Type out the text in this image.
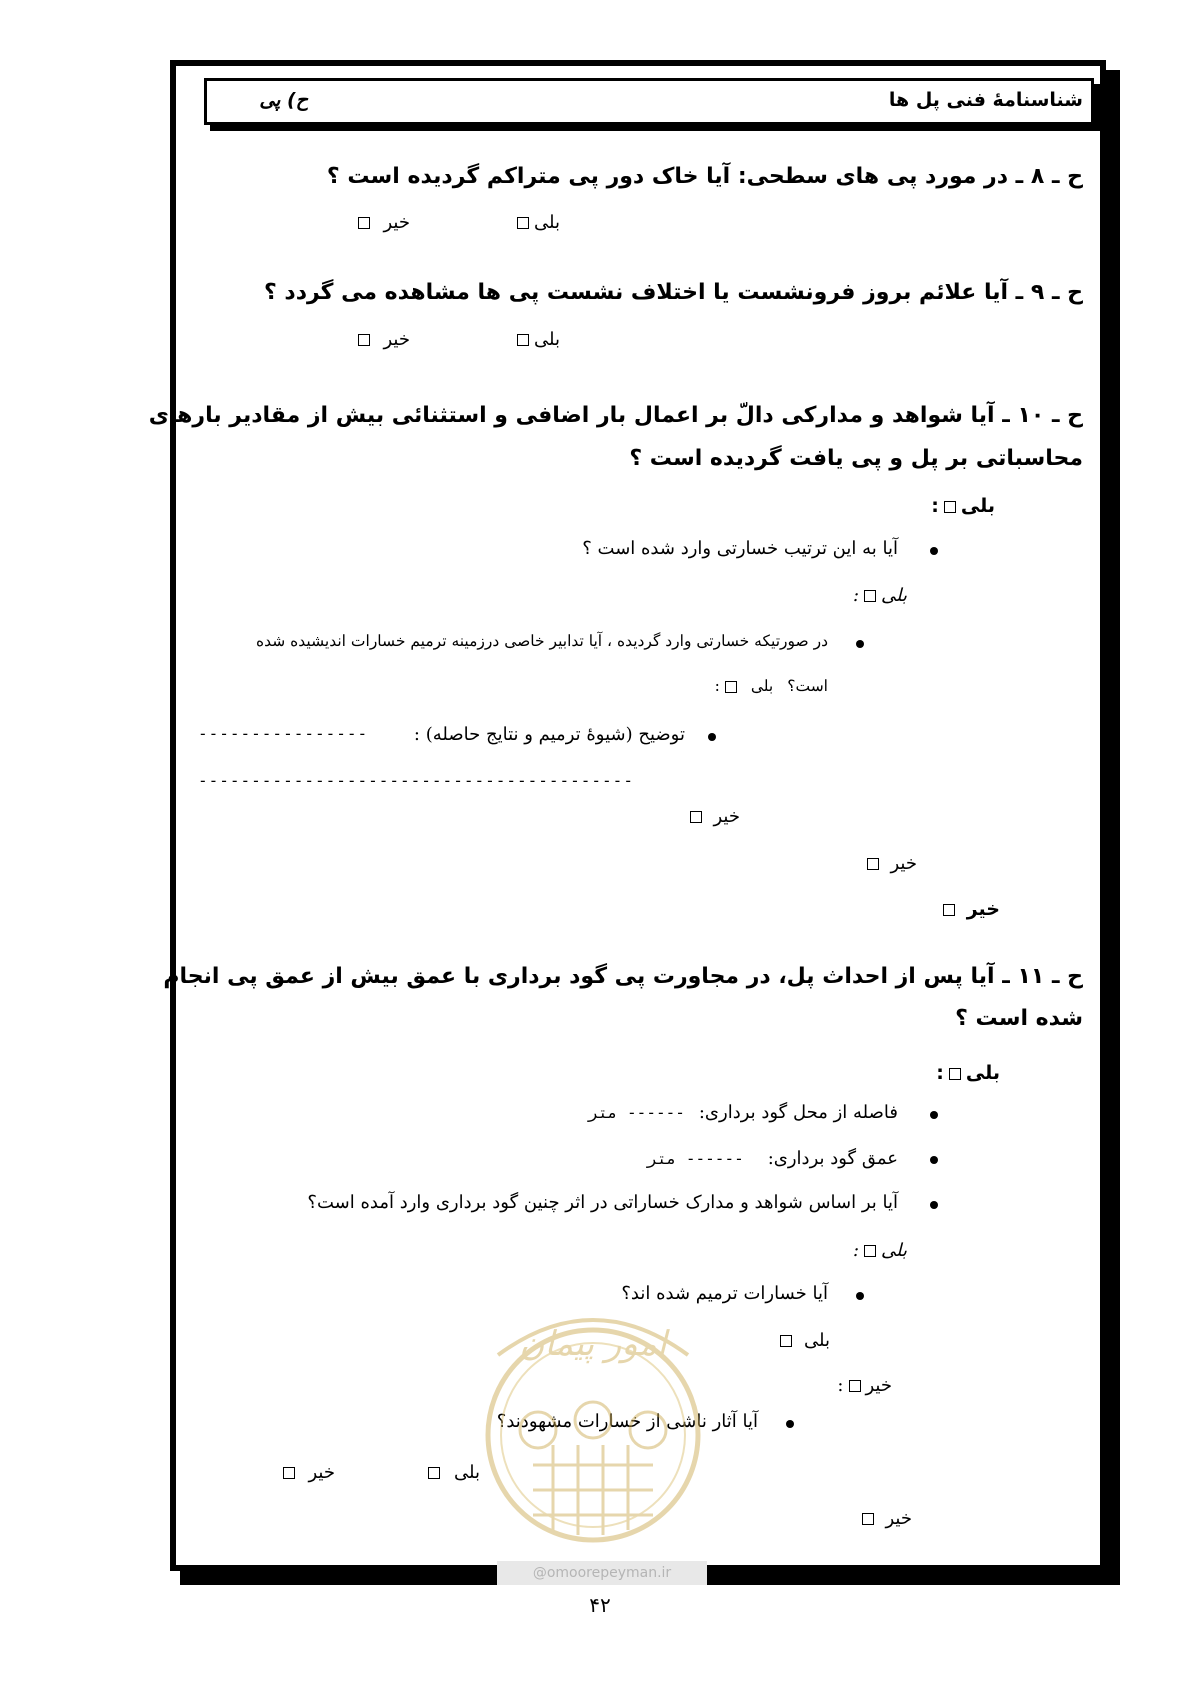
شناسنامۀ فنی پل ها
ح) پی
ح ـ ۸ ـ در مورد پی های سطحی: آیا خاک دور پی متراکم گردیده است ؟
بلی
خیر
ح ـ ۹ ـ آیا علائم بروز فرونشست یا اختلاف نشست پی ها مشاهده می گردد ؟
بلی
خیر
ح ـ ۱۰ ـ آیا شواهد و مدارکی دالّ بر اعمال بار اضافی و استثنائی بیش از مقادیر بارهای
محاسباتی بر پل و پی یافت گردیده است ؟
بلی:
آیا به این ترتیب خسارتی وارد شده است ؟
بلی:
در صورتیکه خسارتی وارد گردیده ، آیا تدابیر خاصی درزمینه ترمیم خسارات اندیشیده شده
است؟بلی:
توضیح (شیوۀ ترمیم و نتایج حاصله) :
----------------
-----------------------------------------
خیر
خیر
خیر
ح ـ ۱۱ ـ آیا پس از احداث پل، در مجاورت پی گود برداری با عمق بیش از عمق پی انجام
شده است ؟
بلی:
فاصله از محل گود برداری:------ متر
عمق گود برداری:------ متر
آیا بر اساس شواهد و مدارک خساراتی در اثر چنین گود برداری وارد آمده است؟
بلی:
آیا خسارات ترمیم شده اند؟
بلی
خیر:
آیا آثار ناشی از خسارات مشهودند؟
بلی
خیر
خیر
امور پیمان
@omoorepeyman.ir
۴۲
